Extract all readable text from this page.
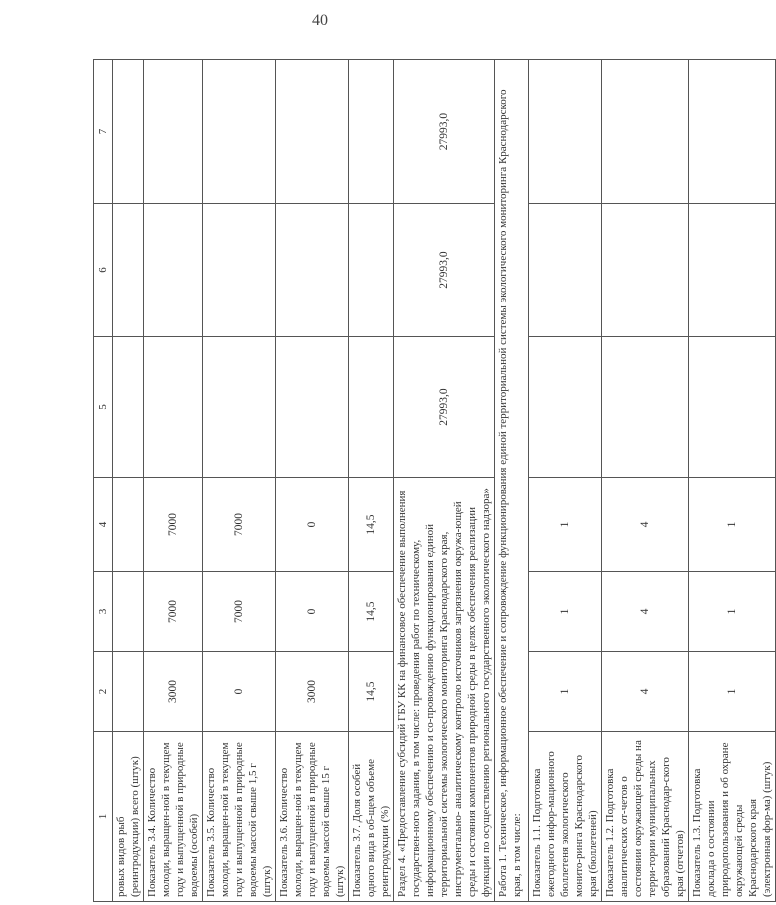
40
1	2	3	4	5	6	7
ровых видов рыб (реинтродукции) всего (штук)						
Показатель 3.4. Количество молоди, выращен-ной в текущем году и выпущенной в природные водоемы (особей)	3000	7000	7000			
Показатель 3.5. Количество молоди, выращен-ной в текущем году и выпущенной в природные водоемы массой свыше 1,5 г (штук)	0	7000	7000			
Показатель 3.6. Количество молоди, выращен-ной в текущем году и выпущенной в природные водоемы массой свыше 15 г (штук)	3000	0	0			
Показатель 3.7. Доля особей одного вида в об-щем объеме реинтродукции (%)	14,5	14,5	14,5			
Раздел 4. «Предоставление субсидий ГБУ КК на финансовое обеспечение выполнения государствен-ного задания, в том числе: проведения работ по техническому, информационному обеспечению и со-провождению функционирования единой территориальной системы экологического мониторинга Краснодарского края, инструментально- аналитическому контролю источников загрязнения окружа-ющей среды и состояния компонентов природной среды в целях обеспечения реализации функции по осуществлению регионального государственного экологического надзора»				27993,0	27993,0	27993,0
Работа 1. Техническое, информационное обеспечение и сопровождение функционирования единой территориальной системы экологического мониторинга Краснодарского края, в том числе:						
Показатель 1.1. Подготовка ежегодного инфор-мационного бюллетеня экологического монито-ринга Краснодарского края (бюллетеней)	1	1	1			
Показатель 1.2. Подготовка аналитических от-четов о состоянии окружающей среды на терри-тории муниципальных образований Краснодар-ского края (отчетов)	4	4	4			
Показатель 1.3. Подготовка доклада о состоянии природопользования и об охране окружающей среды Краснодарского края (электронная фор-ма) (штук)	1	1	1			
